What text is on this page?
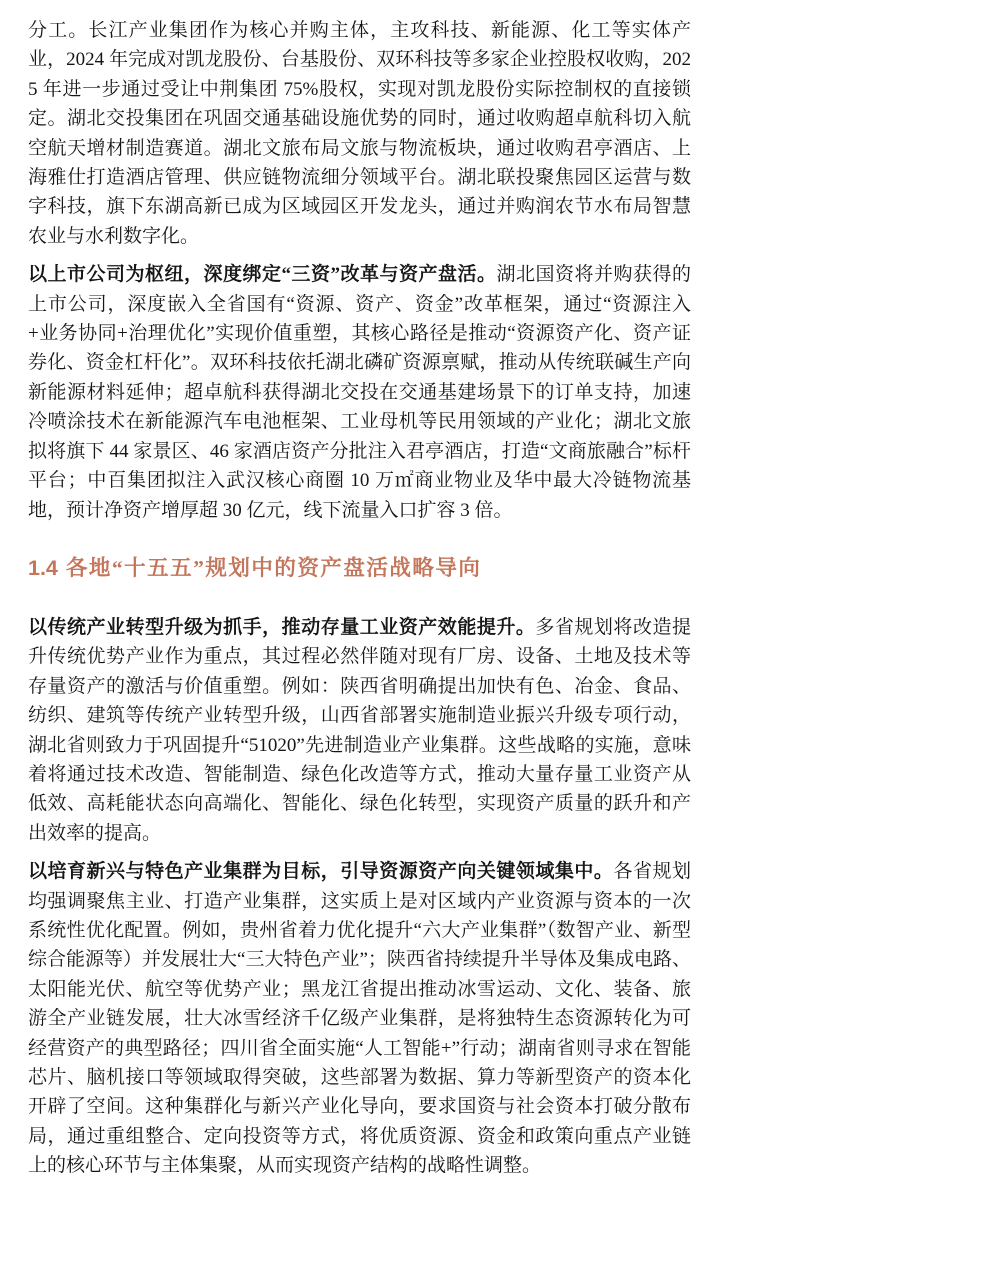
分工。长江产业集团作为核心并购主体，主攻科技、新能源、化工等实体产业，2024 年完成对凯龙股份、台基股份、双环科技等多家企业控股权收购，2025 年进一步通过受让中荆集团 75%股权，实现对凯龙股份实际控制权的直接锁定。湖北交投集团在巩固交通基础设施优势的同时，通过收购超卓航科切入航空航天增材制造赛道。湖北文旅布局文旅与物流板块，通过收购君亭酒店、上海雅仕打造酒店管理、供应链物流细分领域平台。湖北联投聚焦园区运营与数字科技，旗下东湖高新已成为区域园区开发龙头，通过并购润农节水布局智慧农业与水利数字化。

以上市公司为枢纽，深度绑定“三资”改革与资产盘活。湖北国资将并购获得的上市公司，深度嵌入全省国有“资源、资产、资金”改革框架，通过“资源注入+业务协同+治理优化”实现价值重塑，其核心路径是推动“资源资产化、资产证券化、资金杠杆化”。双环科技依托湖北磷矿资源禀赋，推动从传统联碱生产向新能源材料延伸；超卓航科获得湖北交投在交通基建场景下的订单支持，加速冷喷涂技术在新能源汽车电池框架、工业母机等民用领域的产业化；湖北文旅拟将旗下 44 家景区、46 家酒店资产分批注入君亭酒店，打造“文商旅融合”标杆平台；中百集团拟注入武汉核心商圈 10 万㎡商业物业及华中最大冷链物流基地，预计净资产增厚超 30 亿元，线下流量入口扩容 3 倍。

1.4 各地“十五五”规划中的资产盘活战略导向

以传统产业转型升级为抓手，推动存量工业资产效能提升。多省规划将改造提升传统优势产业作为重点，其过程必然伴随对现有厂房、设备、土地及技术等存量资产的激活与价值重塑。例如：陕西省明确提出加快有色、冶金、食品、纺织、建筑等传统产业转型升级，山西省部署实施制造业振兴升级专项行动，湖北省则致力于巩固提升“51020”先进制造业产业集群。这些战略的实施，意味着将通过技术改造、智能制造、绿色化改造等方式，推动大量存量工业资产从低效、高耗能状态向高端化、智能化、绿色化转型，实现资产质量的跃升和产出效率的提高。

以培育新兴与特色产业集群为目标，引导资源资产向关键领域集中。各省规划均强调聚焦主业、打造产业集群，这实质上是对区域内产业资源与资本的一次系统性优化配置。例如，贵州省着力优化提升“六大产业集群”（数智产业、新型综合能源等）并发展壮大“三大特色产业”；陕西省持续提升半导体及集成电路、太阳能光伏、航空等优势产业；黑龙江省提出推动冰雪运动、文化、装备、旅游全产业链发展，壮大冰雪经济千亿级产业集群，是将独特生态资源转化为可经营资产的典型路径；四川省全面实施“人工智能+”行动；湖南省则寻求在智能芯片、脑机接口等领域取得突破，这些部署为数据、算力等新型资产的资本化开辟了空间。这种集群化与新兴产业化导向，要求国资与社会资本打破分散布局，通过重组整合、定向投资等方式，将优质资源、资金和政策向重点产业链上的核心环节与主体集聚，从而实现资产结构的战略性调整。
